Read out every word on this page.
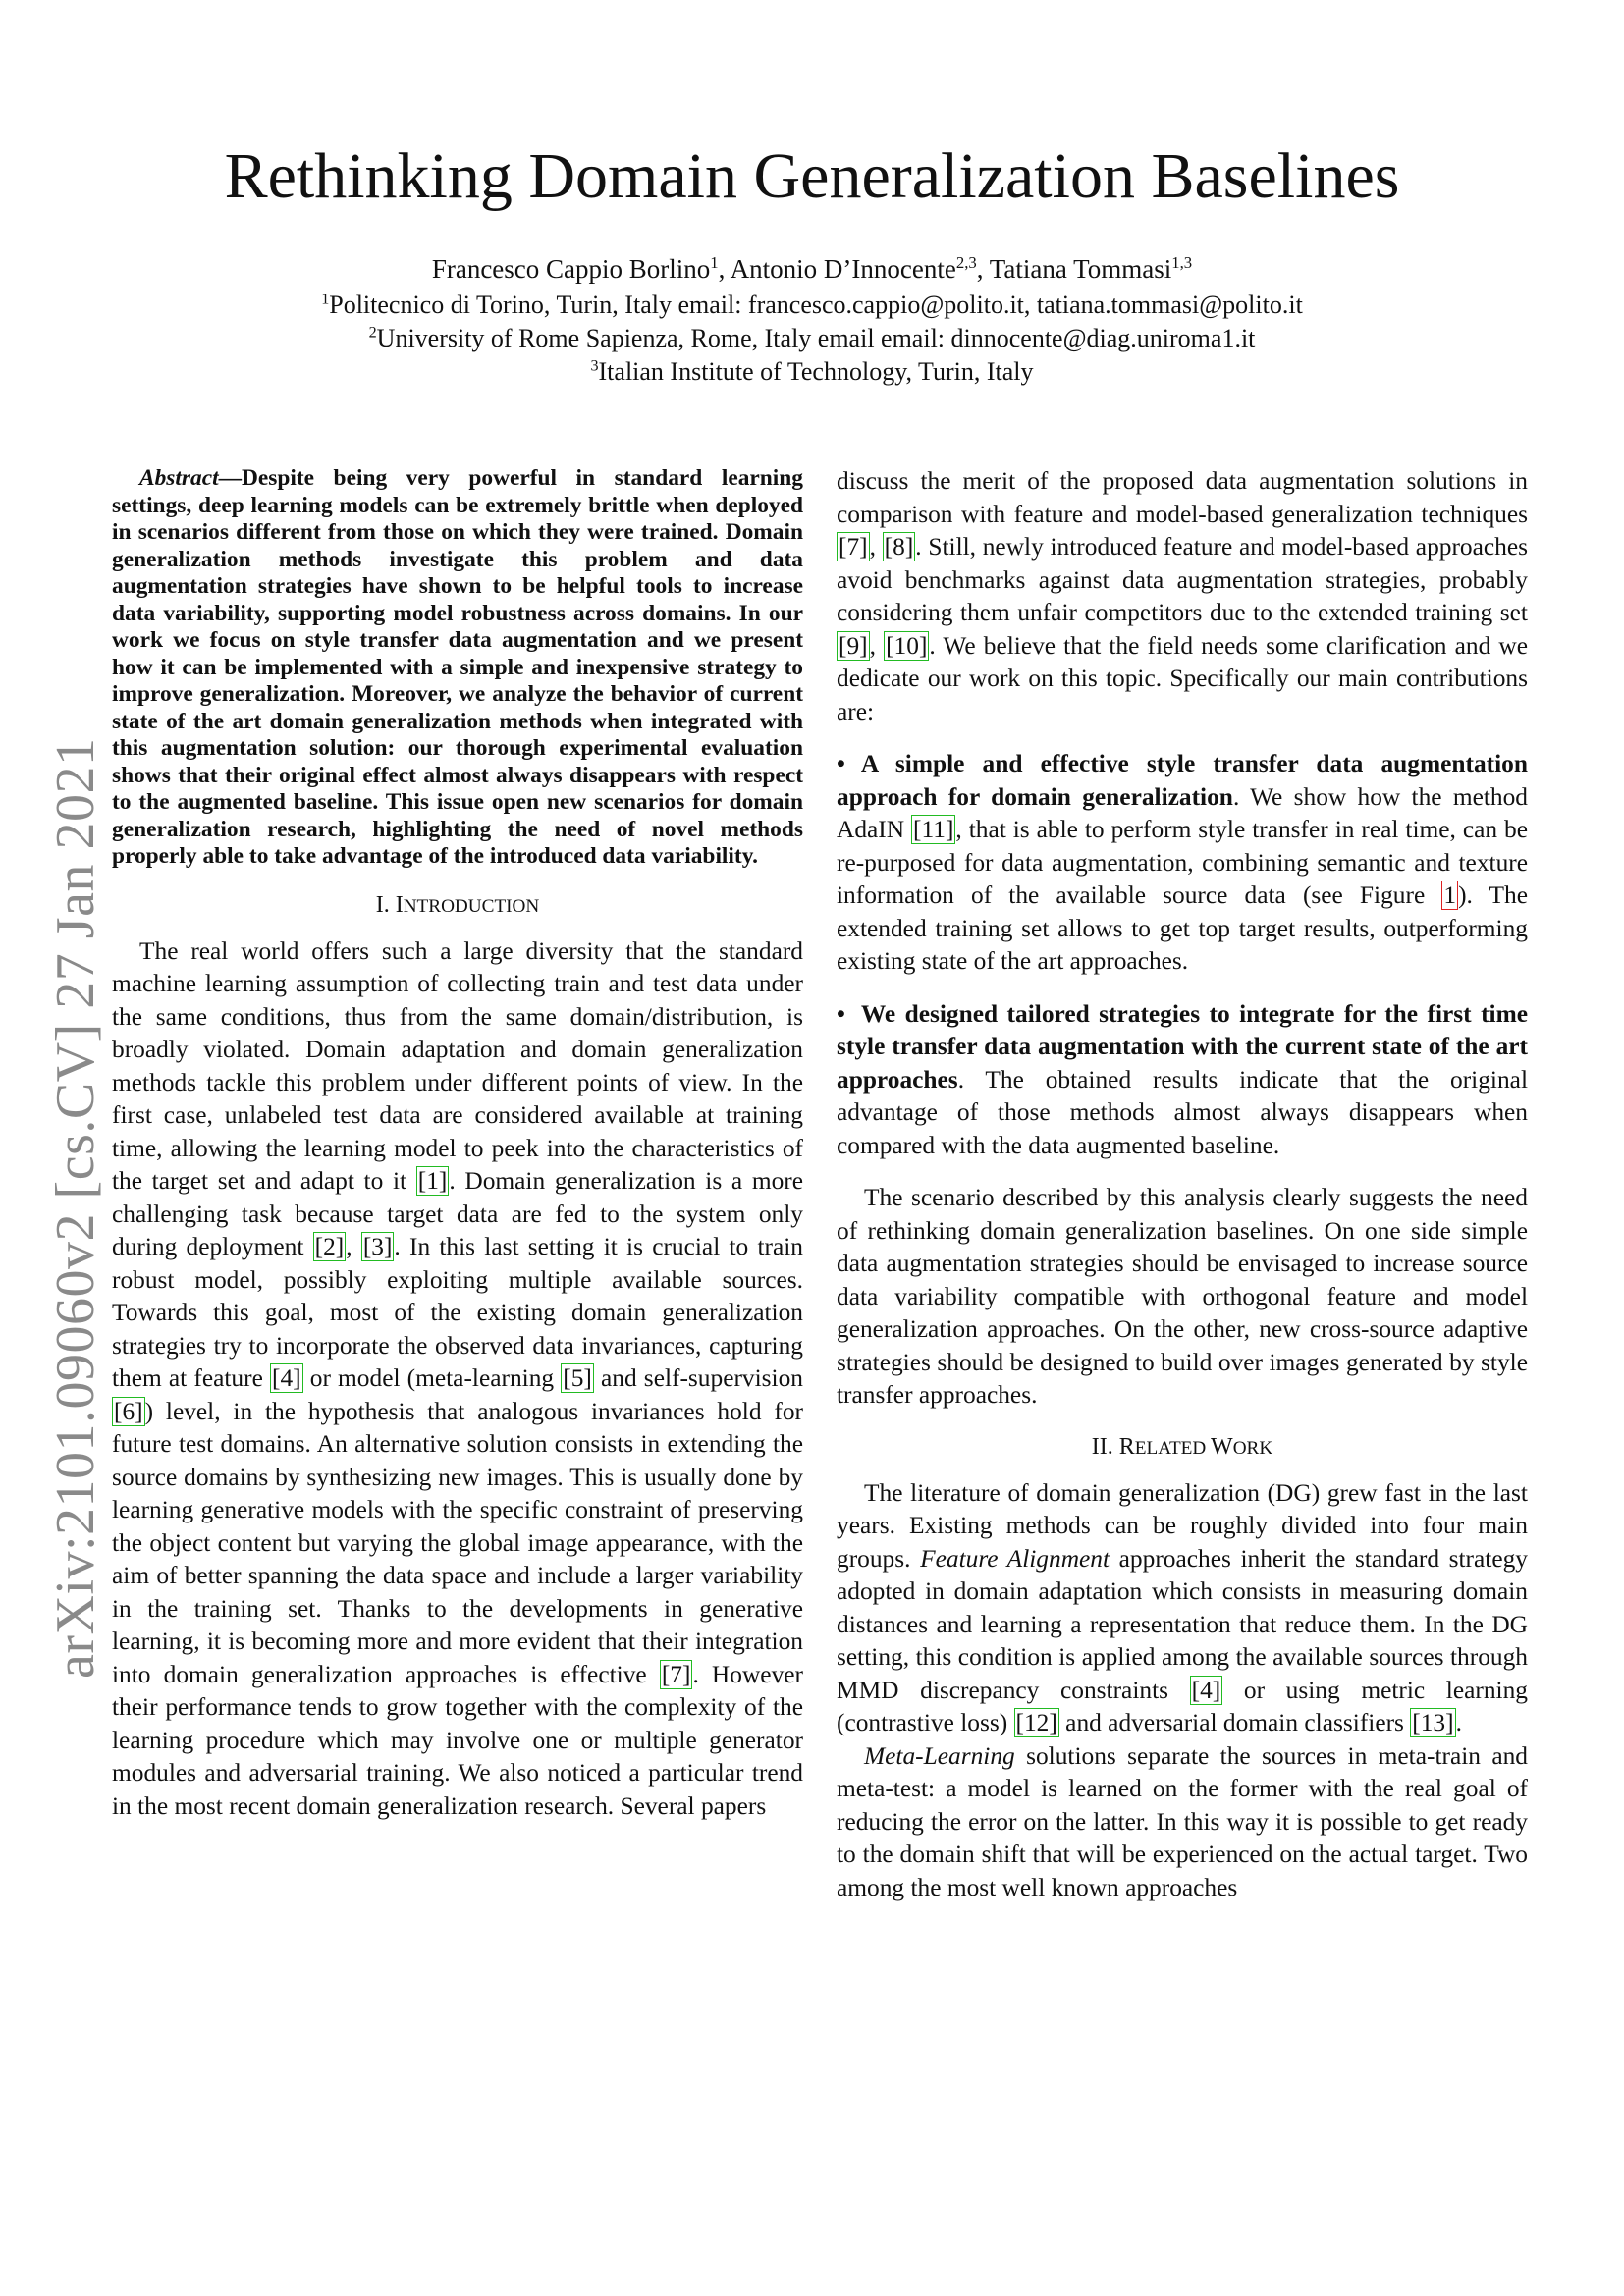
arXiv:2101.09060v2 [cs.CV] 27 Jan 2021
Rethinking Domain Generalization Baselines
Francesco Cappio Borlino$^1$, Antonio D’Innocente$^{2,3}$, Tatiana Tommasi$^{1,3}$
$^1$Politecnico di Torino, Turin, Italy email: francesco.cappio@polito.it, tatiana.tommasi@polito.it
$^2$University of Rome Sapienza, Rome, Italy email email: dinnocente@diag.uniroma1.it
$^3$Italian Institute of Technology, Turin, Italy

Abstract—Despite being very powerful in standard learning settings, deep learning models can be extremely brittle when deployed in scenarios different from those on which they were trained. Domain generalization methods investigate this problem and data augmentation strategies have shown to be helpful tools to increase data variability, supporting model robustness across domains. In our work we focus on style transfer data augmentation and we present how it can be implemented with a simple and inexpensive strategy to improve generalization. Moreover, we analyze the behavior of current state of the art domain generalization methods when integrated with this augmentation solution: our thorough experimental evaluation shows that their original effect almost always disappears with respect to the augmented baseline. This issue open new scenarios for domain generalization research, highlighting the need of novel methods properly able to take advantage of the introduced data variability.

I. INTRODUCTION

The real world offers such a large diversity that the standard machine learning assumption of collecting train and test data under the same conditions, thus from the same domain/distribution, is broadly violated. Domain adaptation and domain generalization methods tackle this problem under different points of view. In the first case, unlabeled test data are considered available at training time, allowing the learning model to peek into the characteristics of the target set and adapt to it [1]. Domain generalization is a more challenging task because target data are fed to the system only during deployment [2], [3]. In this last setting it is crucial to train robust model, possibly exploiting multiple available sources. Towards this goal, most of the existing domain generalization strategies try to incorporate the observed data invariances, capturing them at feature [4] or model (meta-learning [5] and self-supervision [6]) level, in the hypothesis that analogous invariances hold for future test domains. An alternative solution consists in extending the source domains by synthesizing new images. This is usually done by learning generative models with the specific constraint of preserving the object content but varying the global image appearance, with the aim of better spanning the data space and include a larger variability in the training set. Thanks to the developments in generative learning, it is becoming more and more evident that their integration into domain generalization approaches is effective [7]. However their performance tends to grow together with the complexity of the learning procedure which may involve one or multiple generator modules and adversarial training. We also noticed a particular trend in the most recent domain generalization research. Several papers

discuss the merit of the proposed data augmentation solutions in comparison with feature and model-based generalization techniques [7], [8]. Still, newly introduced feature and model-based approaches avoid benchmarks against data augmentation strategies, probably considering them unfair competitors due to the extended training set [9], [10]. We believe that the field needs some clarification and we dedicate our work on this topic. Specifically our main contributions are:

• A simple and effective style transfer data augmentation approach for domain generalization. We show how the method AdaIN [11], that is able to perform style transfer in real time, can be re-purposed for data augmentation, combining semantic and texture information of the available source data (see Figure 1). The extended training set allows to get top target results, outperforming existing state of the art approaches.

• We designed tailored strategies to integrate for the first time style transfer data augmentation with the current state of the art approaches. The obtained results indicate that the original advantage of those methods almost always disappears when compared with the data augmented baseline.

The scenario described by this analysis clearly suggests the need of rethinking domain generalization baselines. On one side simple data augmentation strategies should be envisaged to increase source data variability compatible with orthogonal feature and model generalization approaches. On the other, new cross-source adaptive strategies should be designed to build over images generated by style transfer approaches.

II. RELATED WORK

The literature of domain generalization (DG) grew fast in the last years. Existing methods can be roughly divided into four main groups. Feature Alignment approaches inherit the standard strategy adopted in domain adaptation which consists in measuring domain distances and learning a representation that reduce them. In the DG setting, this condition is applied among the available sources through MMD discrepancy constraints [4] or using metric learning (contrastive loss) [12] and adversarial domain classifiers [13].

Meta-Learning solutions separate the sources in meta-train and meta-test: a model is learned on the former with the real goal of reducing the error on the latter. In this way it is possible to get ready to the domain shift that will be experienced on the actual target. Two among the most well known approaches
